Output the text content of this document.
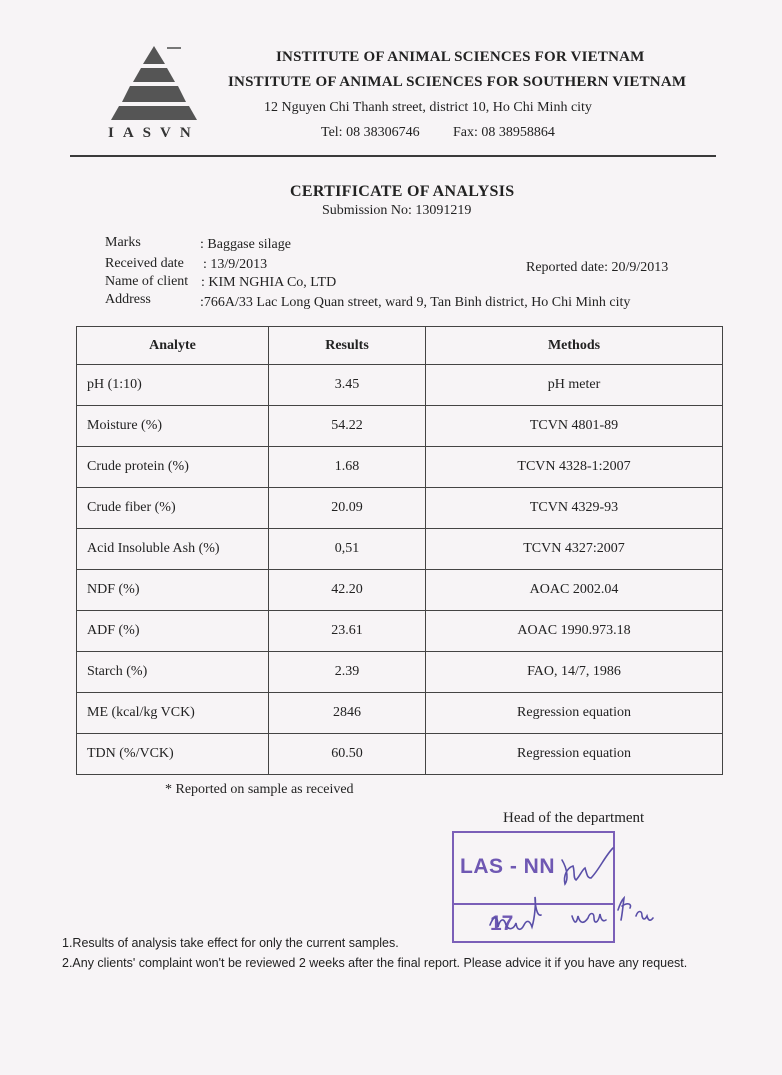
IASVN
INSTITUTE OF ANIMAL SCIENCES FOR VIETNAM
INSTITUTE OF ANIMAL SCIENCES FOR SOUTHERN VIETNAM
12 Nguyen Chi Thanh street, district 10, Ho Chi Minh city
Tel: 08 38306746 Fax: 08 38958864
CERTIFICATE OF ANALYSIS
Submission No: 13091219
Marks	: Baggase silage
Received date : 13/9/2013
Name of client : KIM NGHIA Co, LTD
Address	:766A/33 Lac Long Quan street, ward 9, Tan Binh district, Ho Chi Minh city
Reported date: 20/9/2013
Analyte	Results	Methods
pH (1:10)	3.45	pH meter
Moisture (%)	54.22	TCVN 4801-89
Crude protein (%)	1.68	TCVN 4328-1:2007
Crude fiber (%)	20.09	TCVN 4329-93
Acid Insoluble Ash (%)	0,51	TCVN 4327:2007
NDF (%)	42.20	AOAC 2002.04
ADF (%)	23.61	AOAC 1990.973.18
Starch (%)	2.39	FAO, 14/7, 1986
ME (kcal/kg VCK)	2846	Regression equation
TDN (%/VCK)	60.50	Regression equation
* Reported on sample as received
Head of the department
LAS - NN
17
1.Results of analysis take effect for only the current samples.
2.Any clients' complaint won't be reviewed 2 weeks after the final report. Please advice it if you have any request.
